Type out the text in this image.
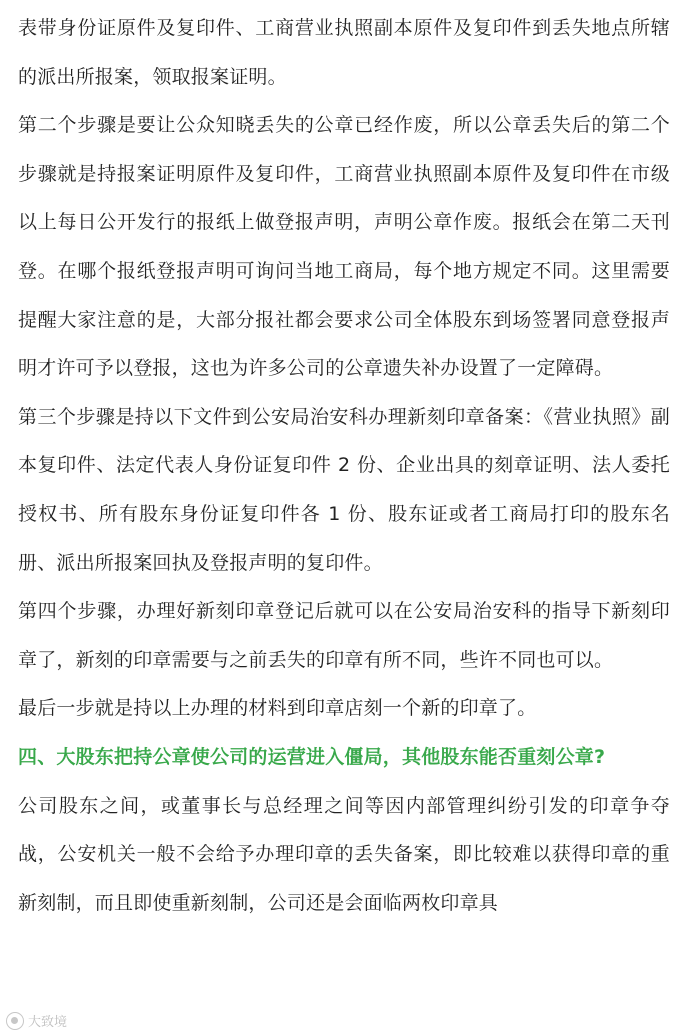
表带身份证原件及复印件、工商营业执照副本原件及复印件到丢失地点所辖的派出所报案，领取报案证明。

第二个步骤是要让公众知晓丢失的公章已经作废，所以公章丢失后的第二个步骤就是持报案证明原件及复印件，工商营业执照副本原件及复印件在市级以上每日公开发行的报纸上做登报声明，声明公章作废。报纸会在第二天刊登。在哪个报纸登报声明可询问当地工商局，每个地方规定不同。这里需要提醒大家注意的是，大部分报社都会要求公司全体股东到场签署同意登报声明才许可予以登报，这也为许多公司的公章遗失补办设置了一定障碍。

第三个步骤是持以下文件到公安局治安科办理新刻印章备案：《营业执照》副本复印件、法定代表人身份证复印件 2 份、企业出具的刻章证明、法人委托授权书、所有股东身份证复印件各 1 份、股东证或者工商局打印的股东名册、派出所报案回执及登报声明的复印件。

第四个步骤，办理好新刻印章登记后就可以在公安局治安科的指导下新刻印章了，新刻的印章需要与之前丢失的印章有所不同，些许不同也可以。

最后一步就是持以上办理的材料到印章店刻一个新的印章了。

四、大股东把持公章使公司的运营进入僵局，其他股东能否重刻公章?

公司股东之间，或董事长与总经理之间等因内部管理纠纷引发的印章争夺战，公安机关一般不会给予办理印章的丢失备案，即比较难以获得印章的重新刻制，而且即使重新刻制，公司还是会面临两枚印章具

大致境
